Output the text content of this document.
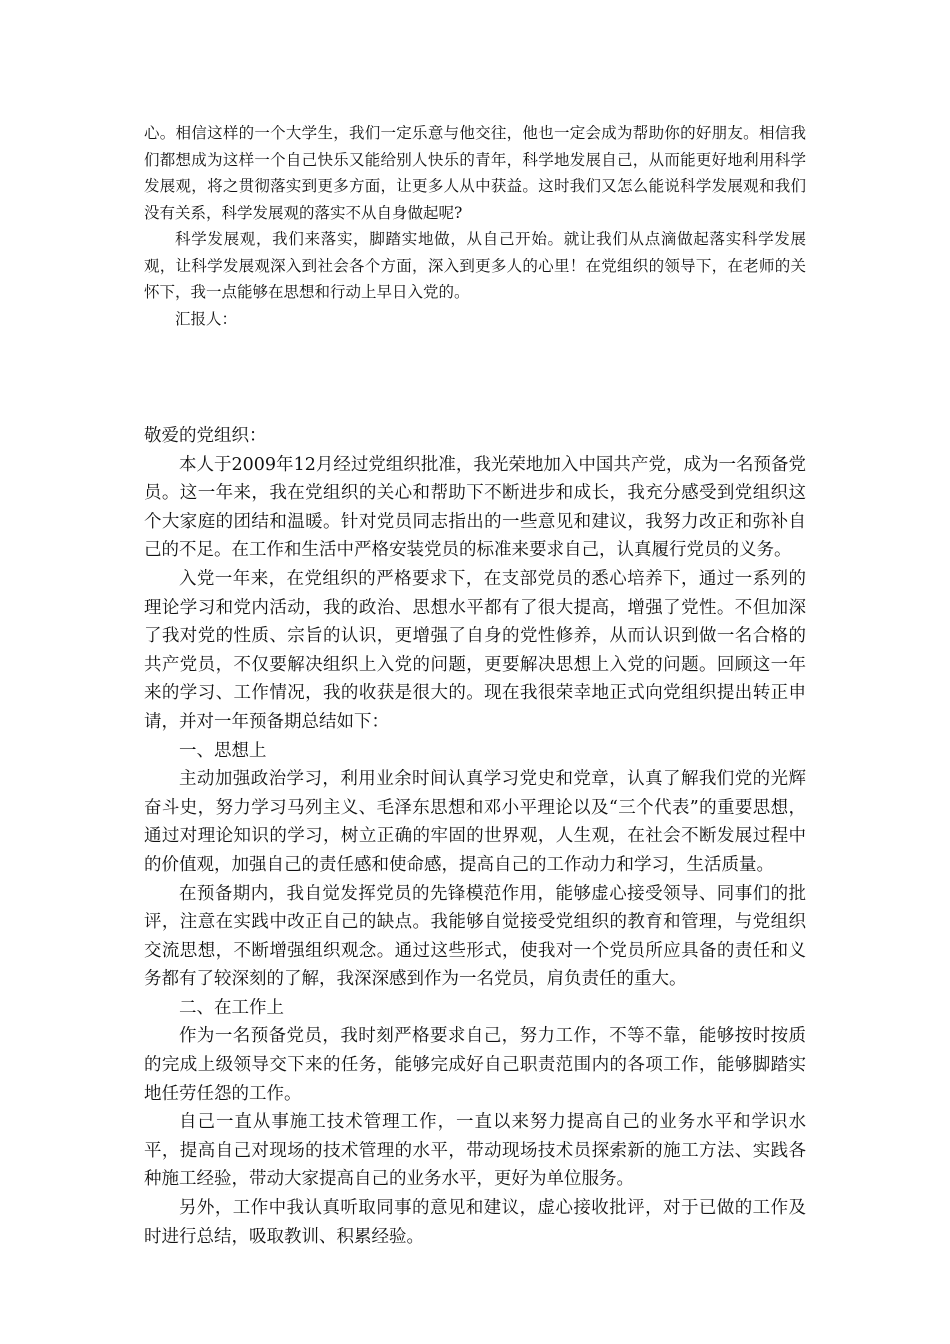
心。相信这样的一个大学生，我们一定乐意与他交往，他也一定会成为帮助你的好朋友。相信我们都想成为这样一个自己快乐又能给别人快乐的青年，科学地发展自己，从而能更好地利用科学发展观，将之贯彻落实到更多方面，让更多人从中获益。这时我们又怎么能说科学发展观和我们没有关系，科学发展观的落实不从自身做起呢?

科学发展观，我们来落实，脚踏实地做，从自己开始。就让我们从点滴做起落实科学发展观，让科学发展观深入到社会各个方面，深入到更多人的心里！在党组织的领导下，在老师的关怀下，我一点能够在思想和行动上早日入党的。

汇报人：

敬爱的党组织：

本人于2009年12月经过党组织批准，我光荣地加入中国共产党，成为一名预备党员。这一年来，我在党组织的关心和帮助下不断进步和成长，我充分感受到党组织这个大家庭的团结和温暖。针对党员同志指出的一些意见和建议，我努力改正和弥补自己的不足。在工作和生活中严格安装党员的标准来要求自己，认真履行党员的义务。

入党一年来，在党组织的严格要求下，在支部党员的悉心培养下，通过一系列的理论学习和党内活动，我的政治、思想水平都有了很大提高，增强了党性。不但加深了我对党的性质、宗旨的认识，更增强了自身的党性修养，从而认识到做一名合格的共产党员，不仅要解决组织上入党的问题，更要解决思想上入党的问题。回顾这一年来的学习、工作情况，我的收获是很大的。现在我很荣幸地正式向党组织提出转正申请，并对一年预备期总结如下：

一、思想上

主动加强政治学习，利用业余时间认真学习党史和党章，认真了解我们党的光辉奋斗史，努力学习马列主义、毛泽东思想和邓小平理论以及“三个代表”的重要思想，通过对理论知识的学习，树立正确的牢固的世界观，人生观，在社会不断发展过程中的价值观，加强自己的责任感和使命感，提高自己的工作动力和学习，生活质量。

在预备期内，我自觉发挥党员的先锋模范作用，能够虚心接受领导、同事们的批评，注意在实践中改正自己的缺点。我能够自觉接受党组织的教育和管理，与党组织交流思想，不断增强组织观念。通过这些形式，使我对一个党员所应具备的责任和义务都有了较深刻的了解，我深深感到作为一名党员，肩负责任的重大。

二、在工作上

作为一名预备党员，我时刻严格要求自己，努力工作，不等不靠，能够按时按质的完成上级领导交下来的任务，能够完成好自己职责范围内的各项工作，能够脚踏实地任劳任怨的工作。

自己一直从事施工技术管理工作，一直以来努力提高自己的业务水平和学识水平，提高自己对现场的技术管理的水平，带动现场技术员探索新的施工方法、实践各种施工经验，带动大家提高自己的业务水平，更好为单位服务。

另外，工作中我认真听取同事的意见和建议，虚心接收批评，对于已做的工作及时进行总结，吸取教训、积累经验。
